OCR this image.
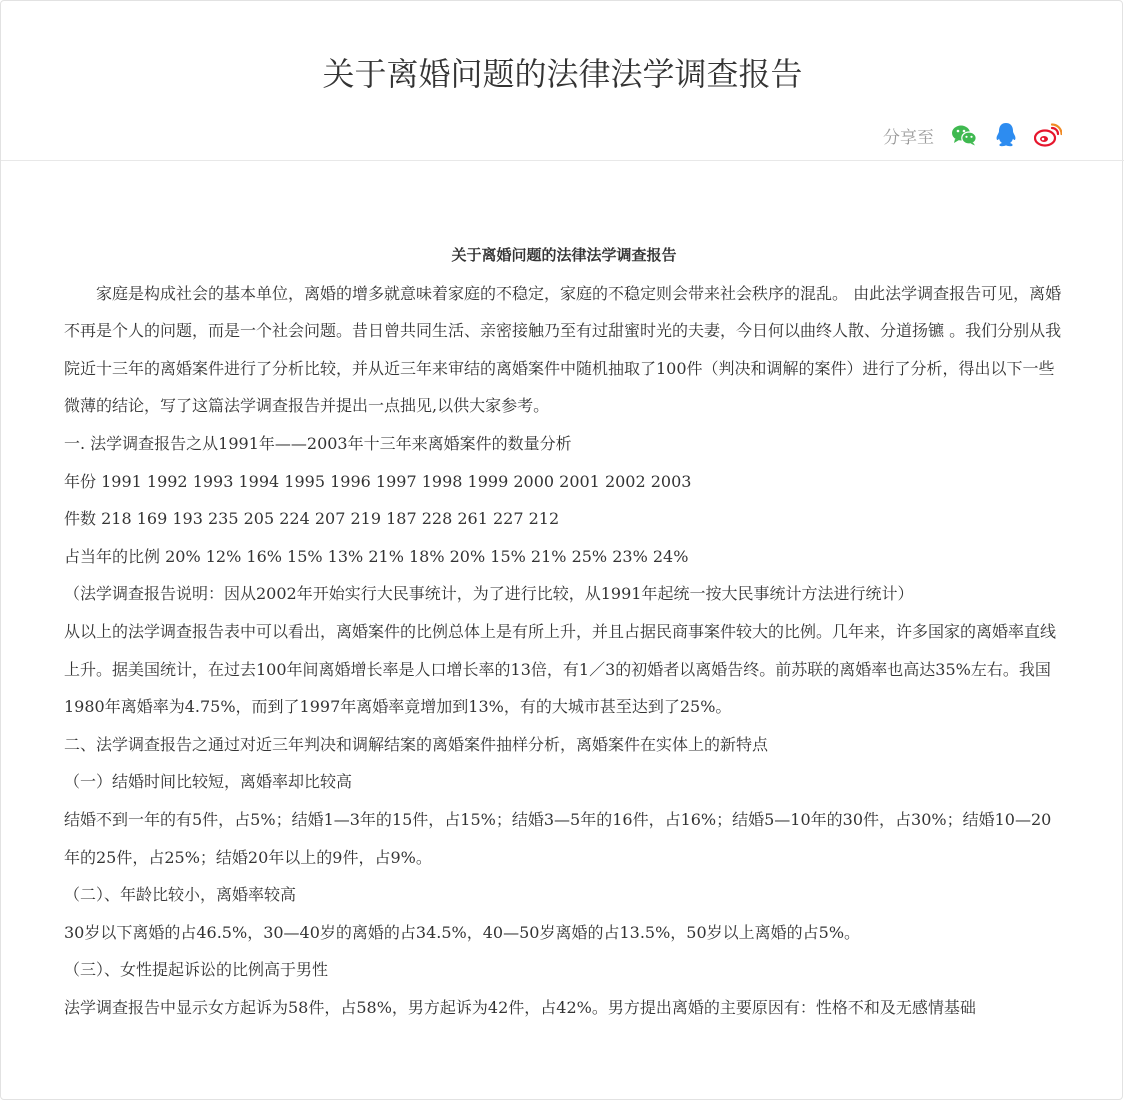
关于离婚问题的法律法学调查报告
分享至

关于离婚问题的法律法学调查报告

家庭是构成社会的基本单位，离婚的增多就意味着家庭的不稳定，家庭的不稳定则会带来社会秩序的混乱。 由此法学调查报告可见，离婚不再是个人的问题，而是一个社会问题。昔日曾共同生活、亲密接触乃至有过甜蜜时光的夫妻，今日何以曲终人散、分道扬镳 。我们分别从我院近十三年的离婚案件进行了分析比较，并从近三年来审结的离婚案件中随机抽取了100件（判决和调解的案件）进行了分析，得出以下一些微薄的结论，写了这篇法学调查报告并提出一点拙见,以供大家参考。

一. 法学调查报告之从1991年——2003年十三年来离婚案件的数量分析

年份 1991 1992 1993 1994 1995 1996 1997 1998 1999 2000 2001 2002 2003

件数 218 169 193 235 205 224 207 219 187 228 261 227 212

占当年的比例 20% 12% 16% 15% 13% 21% 18% 20% 15% 21% 25% 23% 24%

（法学调查报告说明：因从2002年开始实行大民事统计，为了进行比较，从1991年起统一按大民事统计方法进行统计）

从以上的法学调查报告表中可以看出，离婚案件的比例总体上是有所上升，并且占据民商事案件较大的比例。几年来，许多国家的离婚率直线上升。据美国统计，在过去100年间离婚增长率是人口增长率的13倍，有1／3的初婚者以离婚告终。前苏联的离婚率也高达35%左右。我国1980年离婚率为4.75%，而到了1997年离婚率竟增加到13%，有的大城市甚至达到了25%。

二、法学调查报告之通过对近三年判决和调解结案的离婚案件抽样分析，离婚案件在实体上的新特点

（一）结婚时间比较短，离婚率却比较高

结婚不到一年的有5件，占5%；结婚1—3年的15件，占15%；结婚3—5年的16件，占16%；结婚5—10年的30件，占30%；结婚10—20年的25件，占25%；结婚20年以上的9件，占9%。

（二）、年龄比较小，离婚率较高

30岁以下离婚的占46.5%，30—40岁的离婚的占34.5%，40—50岁离婚的占13.5%，50岁以上离婚的占5%。

（三）、女性提起诉讼的比例高于男性

法学调查报告中显示女方起诉为58件，占58%，男方起诉为42件，占42%。男方提出离婚的主要原因有：性格不和及无感情基础
